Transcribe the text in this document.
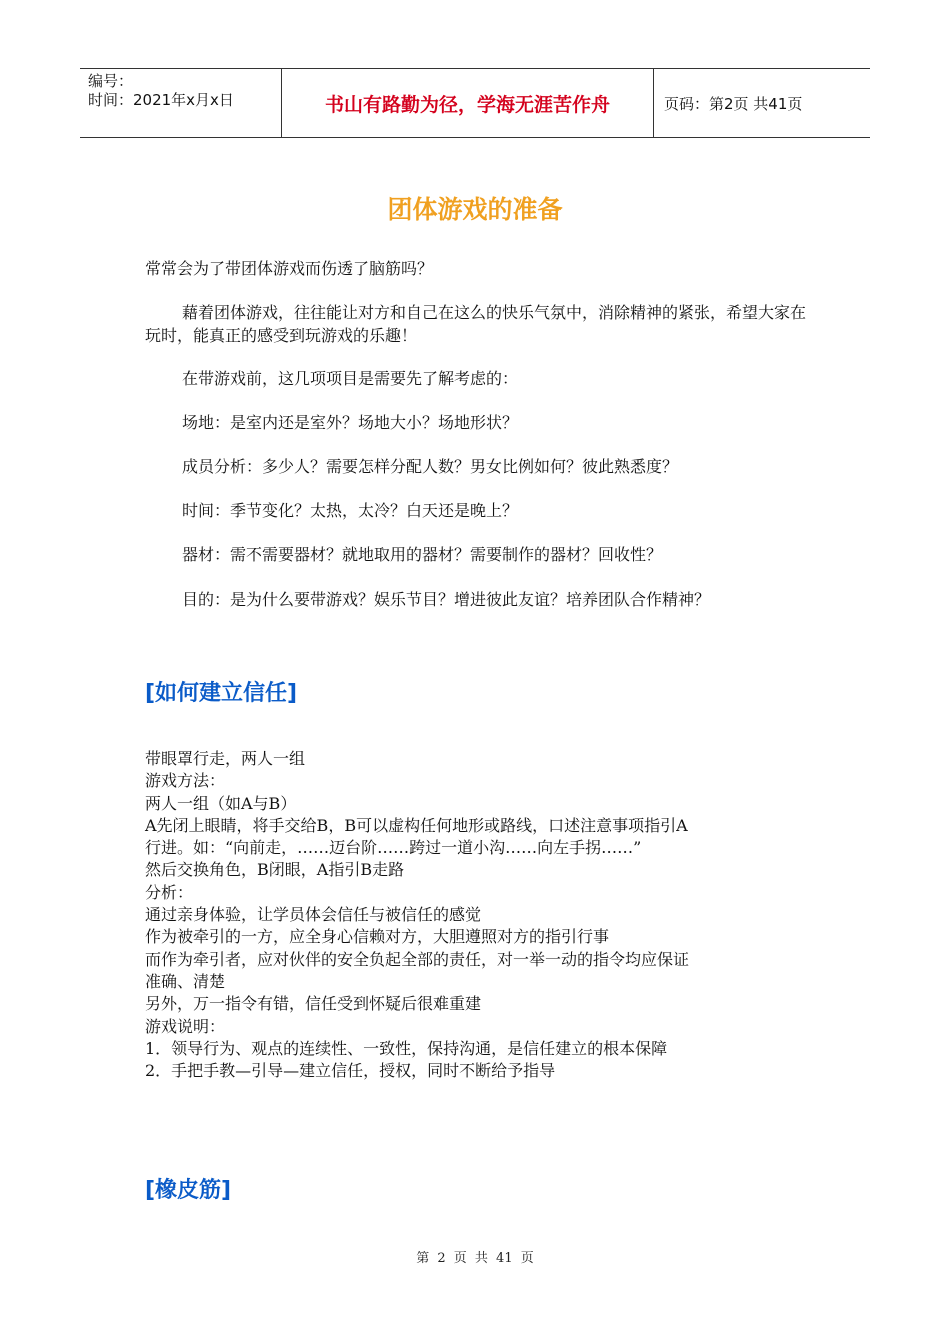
编号：
时间：2021年x月x日	书山有路勤为径，学海无涯苦作舟	页码：第2页 共41页
团体游戏的准备

常常会为了带团体游戏而伤透了脑筋吗？

藉着团体游戏，往往能让对方和自己在这么的快乐气氛中，消除精神的紧张，希望大家在玩时，能真正的感受到玩游戏的乐趣！

在带游戏前，这几项项目是需要先了解考虑的：

场地：是室内还是室外？场地大小？场地形状？

成员分析：多少人？需要怎样分配人数？男女比例如何？彼此熟悉度？

时间：季节变化？太热，太冷？白天还是晚上？

器材：需不需要器材？就地取用的器材？需要制作的器材？回收性？

目的：是为什么要带游戏？娱乐节目？增进彼此友谊？培养团队合作精神？

[如何建立信任]
带眼罩行走，两人一组
游戏方法：
两人一组（如A与B）
A先闭上眼睛，将手交给B，B可以虚构任何地形或路线，口述注意事项指引A
行进。如：“向前走，……迈台阶……跨过一道小沟……向左手拐……”
然后交换角色，B闭眼，A指引B走路
分析：
通过亲身体验，让学员体会信任与被信任的感觉
作为被牵引的一方，应全身心信赖对方，大胆遵照对方的指引行事
而作为牵引者，应对伙伴的安全负起全部的责任，对一举一动的指令均应保证
准确、清楚
另外，万一指令有错，信任受到怀疑后很难重建
游戏说明：
1．领导行为、观点的连续性、一致性，保持沟通，是信任建立的根本保障
2．手把手教—引导—建立信任，授权，同时不断给予指导
[橡皮筋]
第 2 页 共 41 页
